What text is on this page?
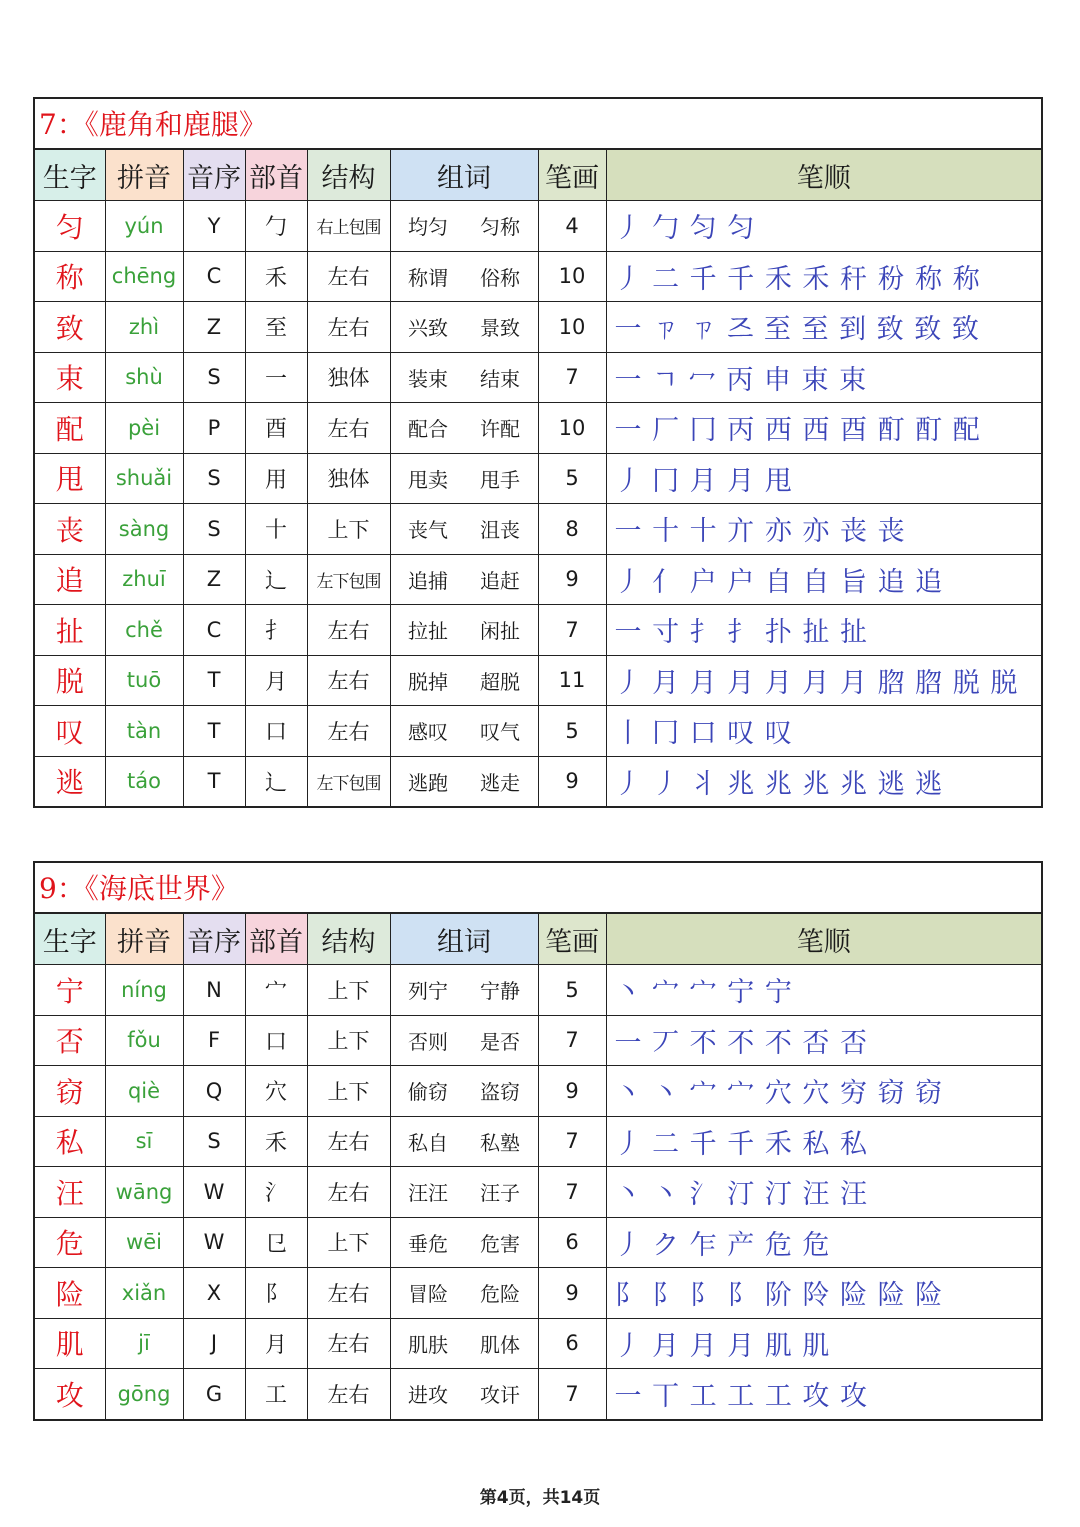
7：《鹿角和鹿腿》
生字	拼音	音序	部首	结构	组词	笔画	笔顺
匀	yún	Y	勹	右上包围	均匀 匀称	4	丿 勹 匀 匀
称	chēng	C	禾	左右	称谓 俗称	10	丿 二 千 千 禾 禾 秆 秎 称 称
致	zhì	Z	至	左右	兴致 景致	10	一 ㄗ ㄗ 즈 至 至 到 致 致 致
束	shù	S	一	独体	装束 结束	7	一 ㄱ 冖 丙 申 束 束
配	pèi	P	酉	左右	配合 许配	10	一 厂 冂 丙 西 西 酉 酊 酊 配
甩	shuǎi	S	用	独体	甩卖 甩手	5	丿 冂 月 月 甩
丧	sàng	S	十	上下	丧气 沮丧	8	一 十 十 亣 亦 亦 丧 丧
追	zhuī	Z	辶	左下包围	追捕 追赶	9	丿 亻 户 户 自 自 旨 追 追
扯	chě	C	扌	左右	拉扯 闲扯	7	一 寸 扌 扌 扑 扯 扯
脱	tuō	T	月	左右	脱掉 超脱	11	丿 月 月 月 月 月 月 脗 脗 脱 脱
叹	tàn	T	口	左右	感叹 叹气	5	丨 冂 口 叹 叹
逃	táo	T	辶	左下包围	逃跑 逃走	9	丿 丿 丬 兆 兆 兆 兆 逃 逃
9：《海底世界》
生字	拼音	音序	部首	结构	组词	笔画	笔顺
宁	níng	N	宀	上下	列宁 宁静	5	丶 宀 宀 宁 宁
否	fǒu	F	口	上下	否则 是否	7	一 丆 不 不 不 否 否
窃	qiè	Q	穴	上下	偷窃 盗窃	9	丶 丶 宀 宀 穴 穴 穷 窃 窃
私	sī	S	禾	左右	私自 私塾	7	丿 二 千 千 禾 私 私
汪	wāng	W	氵	左右	汪汪 汪子	7	丶 丶 氵 汀 汀 汪 汪
危	wēi	W	㔾	上下	垂危 危害	6	丿 ク 乍 产 危 危
险	xiǎn	X	阝	左右	冒险 危险	9	阝 阝 阝 阝 阶 阾 险 险 险
肌	jī	J	月	左右	肌肤 肌体	6	丿 月 月 月 肌 肌
攻	gōng	G	工	左右	进攻 攻讦	7	一 丅 工 工 工 攻 攻
第4页，共14页
